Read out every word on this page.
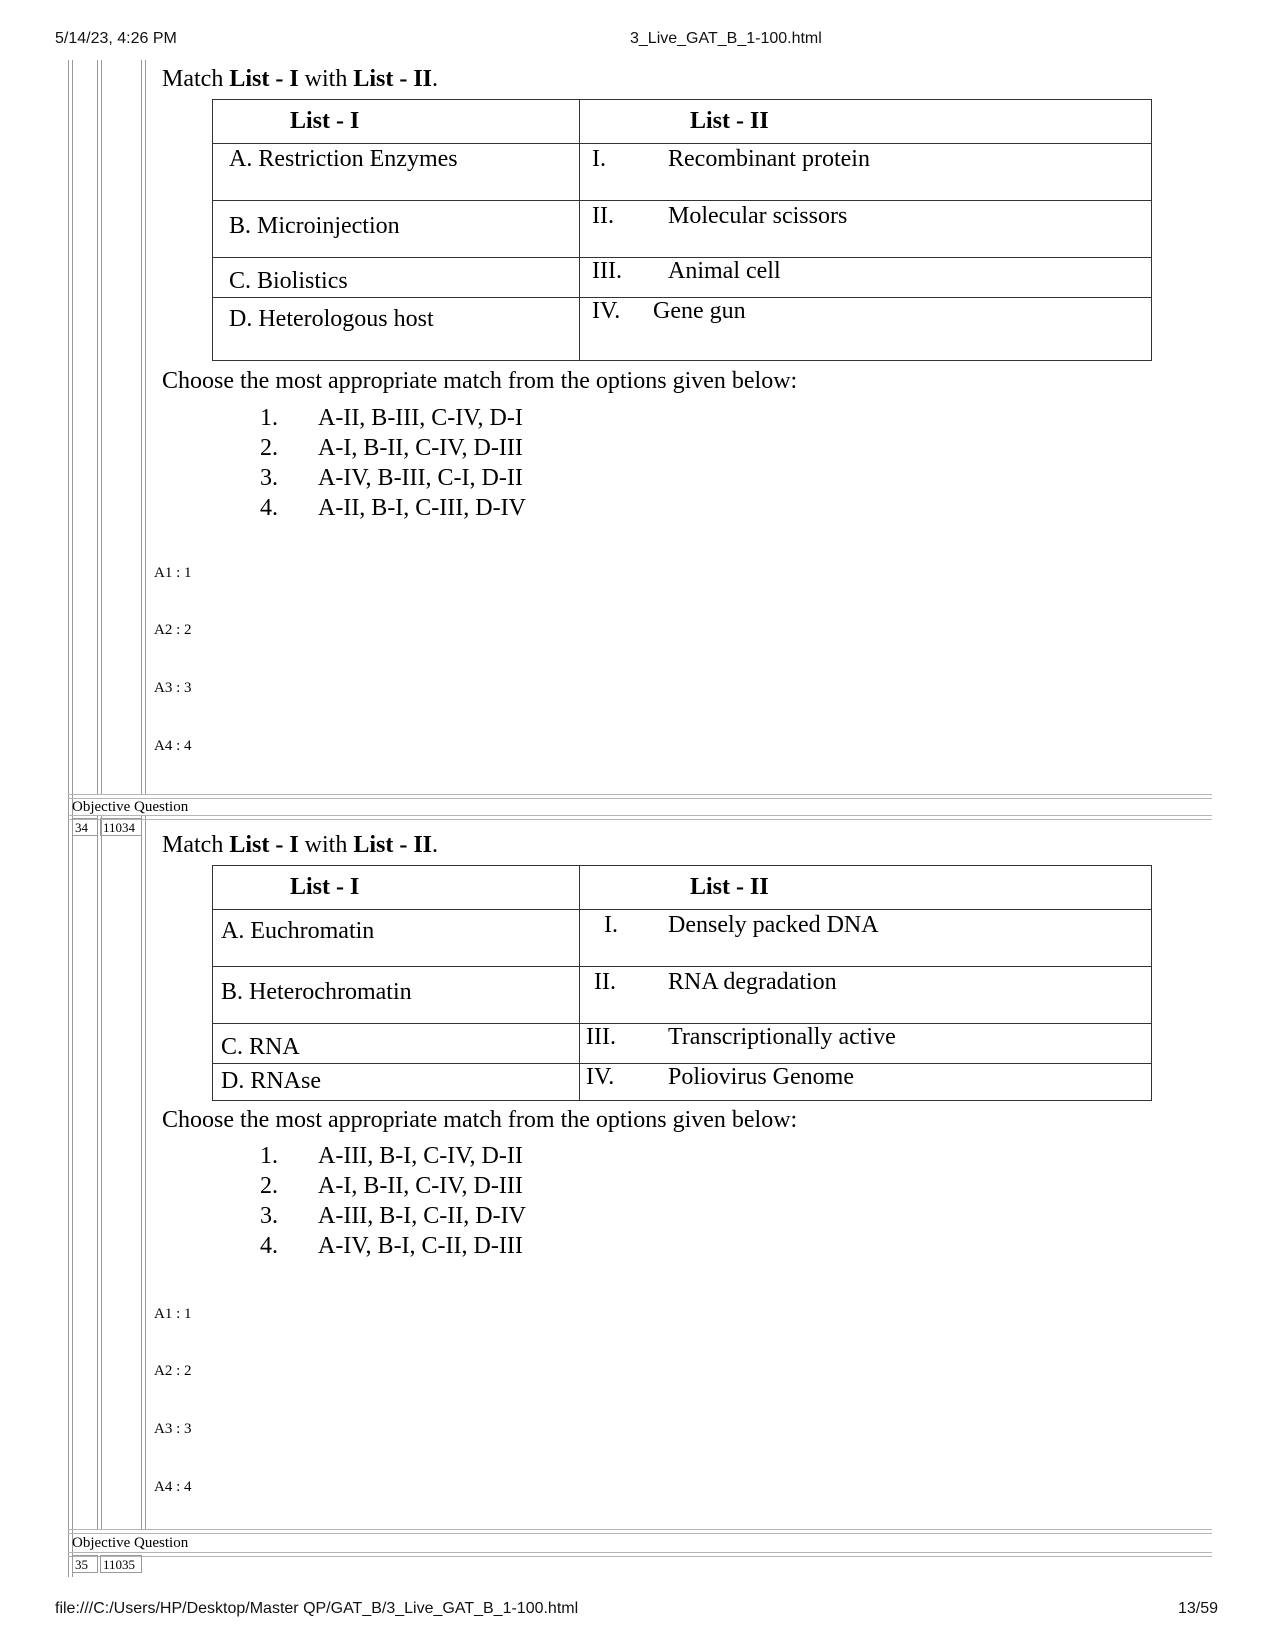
5/14/23, 4:26 PM	3_Live_GAT_B_1-100.html
Match List - I with List - II.
List - I	List - II

A. Restriction Enzymes	I. Recombinant protein

B. Microinjection	II. Molecular scissors

C. Biolistics	III. Animal cell

D. Heterologous host	IV. Gene gun
Choose the most appropriate match from the options given below:
1. A-II, B-III, C-IV, D-I
2. A-I, B-II, C-IV, D-III
3. A-IV, B-III, C-I, D-II
4. A-II, B-I, C-III, D-IV
A1 : 1
A2 : 2
A3 : 3
A4 : 4
Objective Question
34	11034
Match List - I with List - II.
List - I	List - II

A. Euchromatin	I. Densely packed DNA

B. Heterochromatin	II. RNA degradation

C. RNA	III. Transcriptionally active

D. RNAse	IV. Poliovirus Genome
Choose the most appropriate match from the options given below:
1. A-III, B-I, C-IV, D-II
2. A-I, B-II, C-IV, D-III
3. A-III, B-I, C-II, D-IV
4. A-IV, B-I, C-II, D-III
A1 : 1
A2 : 2
A3 : 3
A4 : 4
Objective Question
35	11035
file:///C:/Users/HP/Desktop/Master QP/GAT_B/3_Live_GAT_B_1-100.html	13/59
